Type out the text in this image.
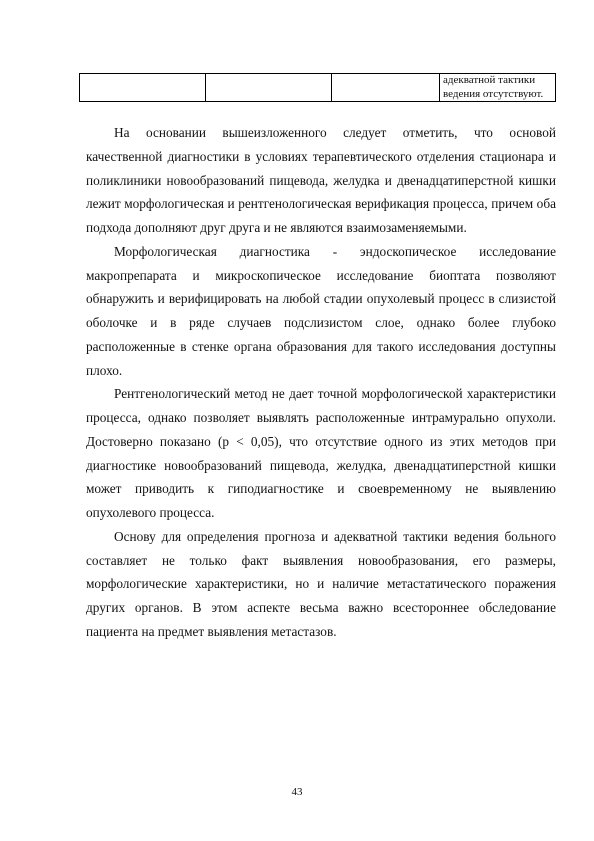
			адекватной тактики ведения отсутствуют.

На основании вышеизложенного следует отметить, что основой качественной диагностики в условиях терапевтического отделения стационара и поликлиники новообразований пищевода, желудка и двенадцатиперстной кишки лежит морфологическая и рентгенологическая верификация процесса, причем оба подхода дополняют друг друга и не являются взаимозаменяемыми.

Морфологическая диагностика - эндоскопическое исследование макропрепарата и микроскопическое исследование биоптата позволяют обнаружить и верифицировать на любой стадии опухолевый процесс в слизистой оболочке и в ряде случаев подслизистом слое, однако более глубоко расположенные в стенке органа образования для такого исследования доступны плохо.

Рентгенологический метод не дает точной морфологической характеристики процесса, однако позволяет выявлять расположенные интрамурально опухоли. Достоверно показано (p < 0,05), что отсутствие одного из этих методов при диагностике новообразований пищевода, желудка, двенадцатиперстной кишки может приводить к гиподиагностике и своевременному не выявлению опухолевого процесса.

Основу для определения прогноза и адекватной тактики ведения больного составляет не только факт выявления новообразования, его размеры, морфологические характеристики, но и наличие метастатического поражения других органов. В этом аспекте весьма важно всестороннее обследование пациента на предмет выявления метастазов.

43
